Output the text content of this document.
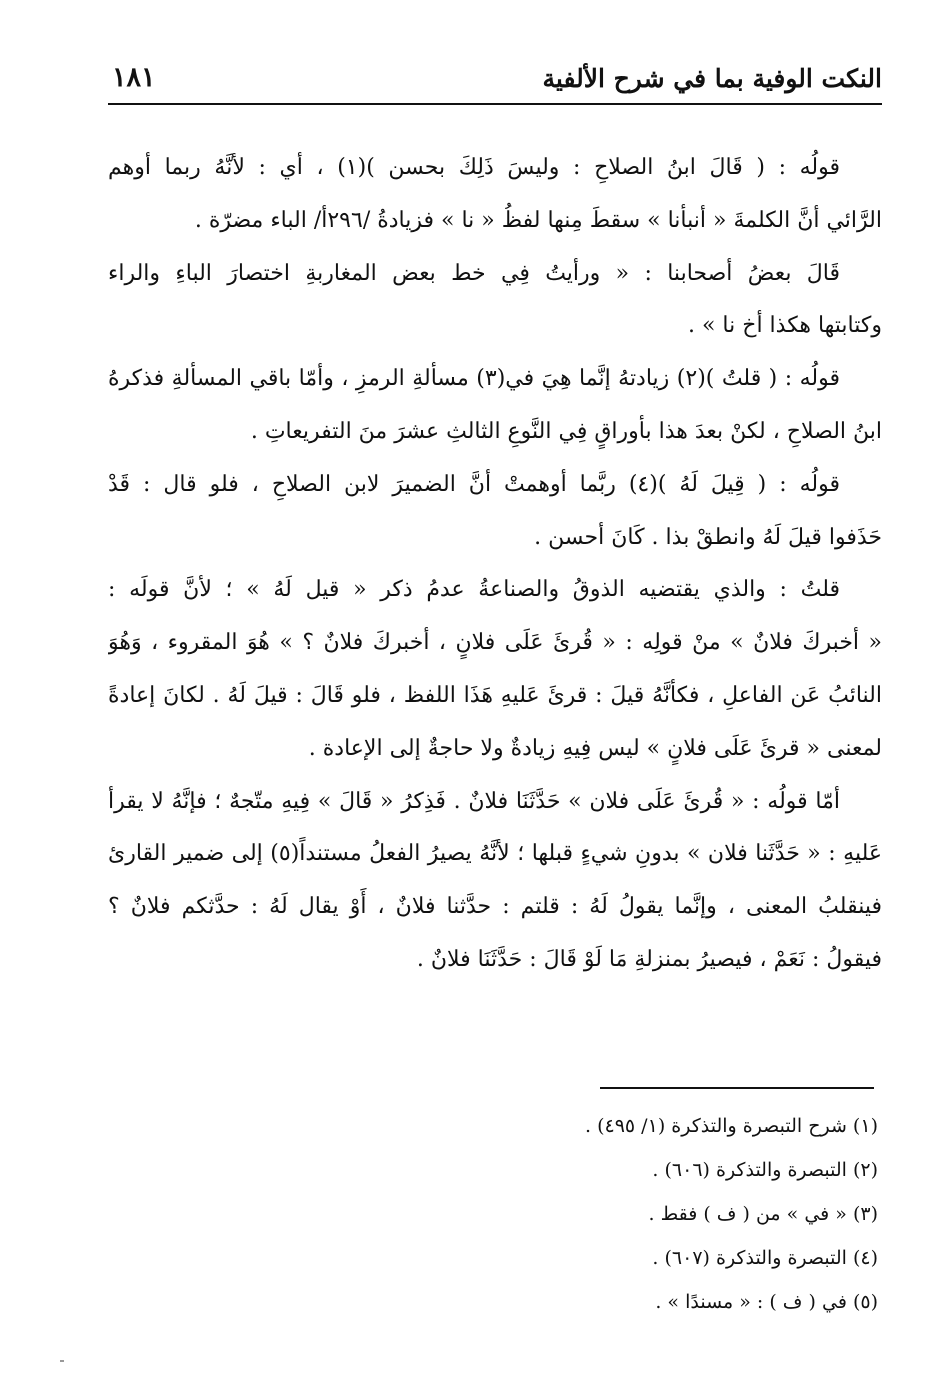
النكت الوفية بما في شرح الألفية
١٨١
قولُه : ( قَالَ ابنُ الصلاحِ : وليسَ ذَلِكَ بحسن )(١) ، أي : لأنَّهُ ربما أوهم
الرَّائي أنَّ الكلمةَ « أنبأنا » سقطَ مِنها لفظُ « نا » فزيادةُ /٢٩٦أ/ الباء مضرّة .
قَالَ بعضُ أصحابنا : « ورأيتُ فِي خط بعض المغاربةِ اختصارَ الباءِ والراء
وكتابتها هكذا أخ نا » .
قولُه : ( قلتُ )(٢) زيادتهُ إنَّما هِيَ في(٣) مسألةِ الرمزِ ، وأمّا باقي المسألةِ فذكرهُ
ابنُ الصلاحِ ، لكنْ بعدَ هذا بأوراقٍ فِي النَّوعِ الثالثِ عشرَ منَ التفريعاتِ .
قولُه : ( قِيلَ لَهُ )(٤) ربَّما أوهمتْ أنَّ الضميرَ لابن الصلاحِ ، فلو قال : قَدْ
حَذَفوا قيلَ لَهُ وانطقْ بذا . كَانَ أحسن .
قلتُ : والذي يقتضيه الذوقُ والصناعةُ عدمُ ذكر « قيل لَهُ » ؛ لأنَّ قولَه :
« أخبركَ فلانٌ » منْ قولِه : « قُرئَ عَلَى فلانٍ ، أخبركَ فلانٌ ؟ » هُوَ المقروء ، وَهُوَ
النائبُ عَن الفاعلِ ، فكأنَّهُ قيلَ : قرئَ عَليهِ هَذَا اللفظ ، فلو قَالَ : قيلَ لَهُ . لكانَ إعادةً
لمعنى « قرئَ عَلَى فلانٍ » ليس فِيهِ زيادةٌ ولا حاجةٌ إلى الإعادة .
أمّا قولُه : « قُرئَ عَلَى فلان » حَدَّثَنَا فلانٌ . فَذِكرُ « قَالَ » فِيهِ متّجهٌ ؛ فإنَّهُ لا يقرأ
عَليهِ : « حَدَّثَنا فلان » بدونِ شيءٍ قبلها ؛ لأنَّهُ يصيرُ الفعلُ مستنداً(٥) إلى ضمير القارئ
فينقلبُ المعنى ، وإنَّما يقولُ لَهُ : قلتم : حدَّثنا فلانٌ ، أَوْ يقال لَهُ : حدَّثكم فلانٌ ؟
فيقولُ : نَعَمْ ، فيصيرُ بمنزلةِ مَا لَوْ قَالَ : حَدَّثَنَا فلانٌ .
(١) شرح التبصرة والتذكرة (١/ ٤٩٥) .
(٢) التبصرة والتذكرة (٦٠٦) .
(٣) « في » من ( ف ) فقط .
(٤) التبصرة والتذكرة (٦٠٧) .
(٥) في ( ف ) : « مسندًا » .
